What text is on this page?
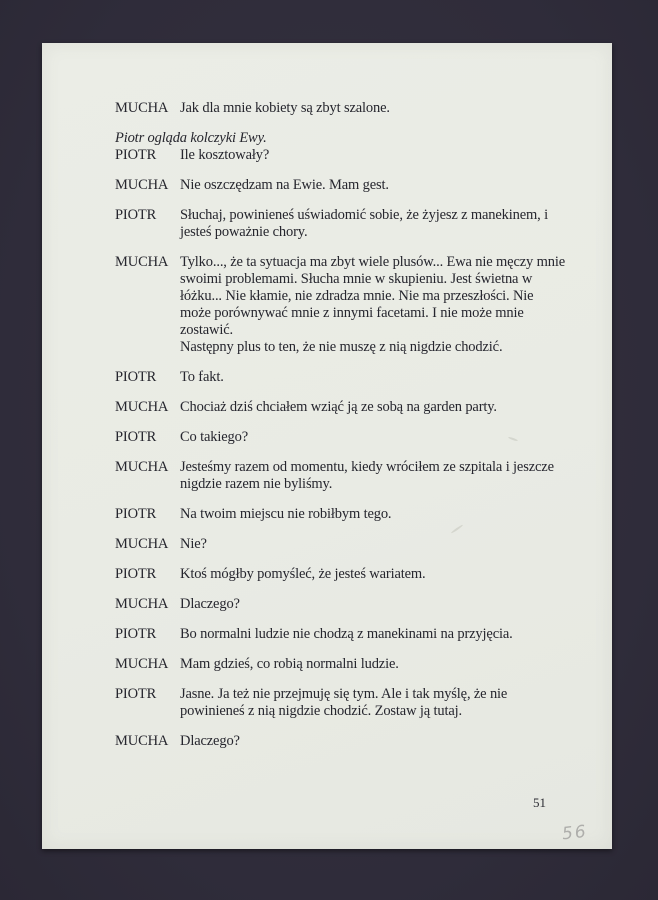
MUCHA Jak dla mnie kobiety są zbyt szalone.
Piotr ogląda kolczyki Ewy.
PIOTR	Ile kosztowały?
MUCHA Nie oszczędzam na Ewie. Mam gest.
PIOTR	Słuchaj, powinieneś uświadomić sobie, że żyjesz z manekinem, i
jesteś poważnie chory.
MUCHA Tylko..., że ta sytuacja ma zbyt wiele plusów... Ewa nie męczy mnie
swoimi problemami. Słucha mnie w skupieniu. Jest świetna w
łóżku... Nie kłamie, nie zdradza mnie. Nie ma przeszłości. Nie
może porównywać mnie z innymi facetami. I nie może mnie
zostawić.
Następny plus to ten, że nie muszę z nią nigdzie chodzić.
PIOTR	To fakt.
MUCHA Chociaż dziś chciałem wziąć ją ze sobą na garden party.
PIOTR	Co takiego?
MUCHA Jesteśmy razem od momentu, kiedy wróciłem ze szpitala i jeszcze
nigdzie razem nie byliśmy.
PIOTR	Na twoim miejscu nie robiłbym tego.
MUCHA Nie?
PIOTR	Ktoś mógłby pomyśleć, że jesteś wariatem.
MUCHA Dlaczego?
PIOTR	Bo normalni ludzie nie chodzą z manekinami na przyjęcia.
MUCHA Mam gdzieś, co robią normalni ludzie.
PIOTR	Jasne. Ja też nie przejmuję się tym. Ale i tak myślę, że nie
powinieneś z nią nigdzie chodzić. Zostaw ją tutaj.
MUCHA Dlaczego?
51
56
